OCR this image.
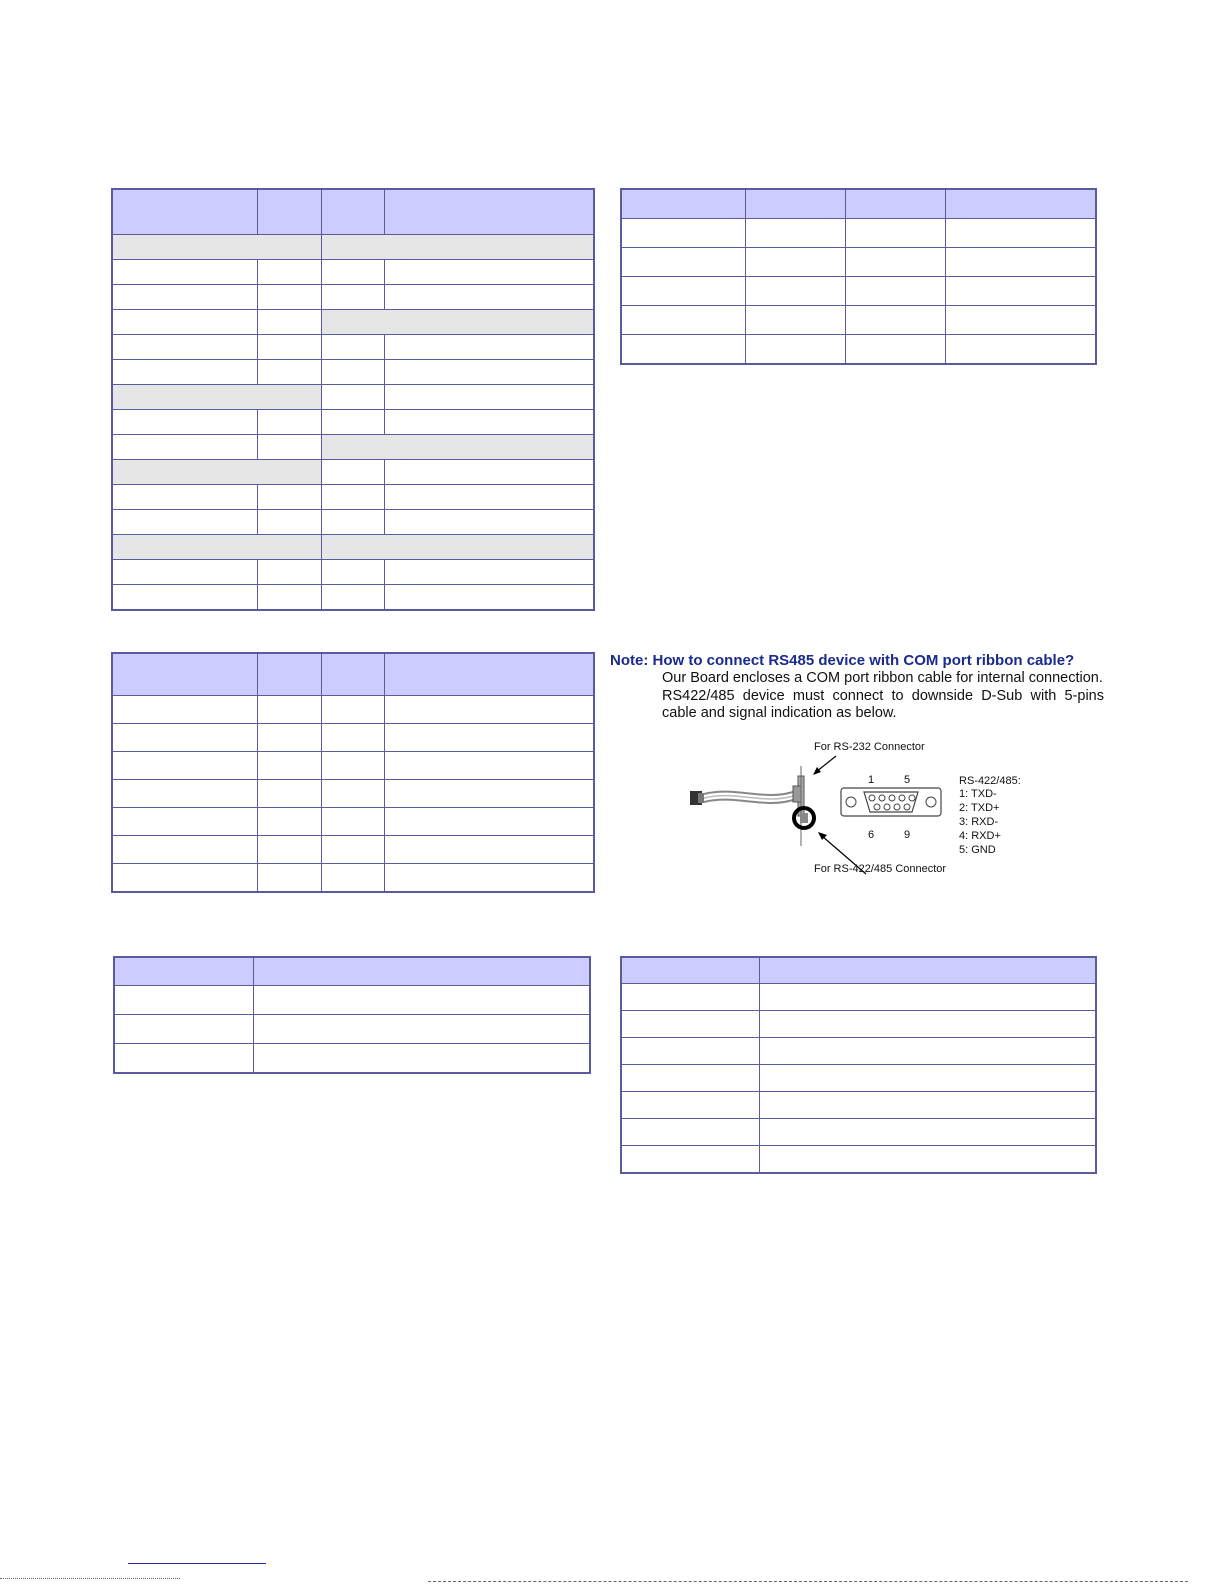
Note: How to connect RS485 device with COM port ribbon cable?
Our Board encloses a COM port ribbon cable for internal connection.
RS422/485 device must connect to downside D-Sub with 5-pins
cable and signal indication as below.
For RS-232 Connector
For RS-422/485 Connector
1	5
6	9
RS-422/485:
1: TXD-
2: TXD+
3: RXD-
4: RXD+
5: GND
